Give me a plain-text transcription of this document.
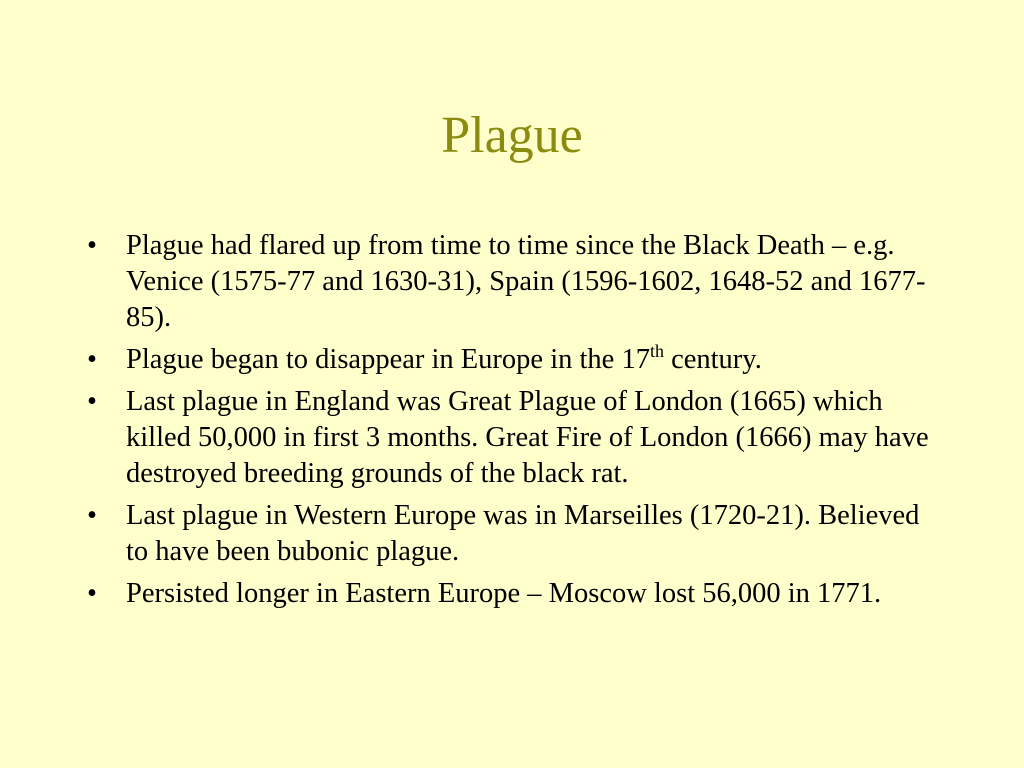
Plague
• Plague had flared up from time to time since the Black Death – e.g. Venice (1575-77 and 1630-31), Spain (1596-1602, 1648-52 and 1677-85).
• Plague began to disappear in Europe in the 17th century.
• Last plague in England was Great Plague of London (1665) which killed 50,000 in first 3 months. Great Fire of London (1666) may have destroyed breeding grounds of the black rat.
• Last plague in Western Europe was in Marseilles (1720-21). Believed to have been bubonic plague.
• Persisted longer in Eastern Europe – Moscow lost 56,000 in 1771.
